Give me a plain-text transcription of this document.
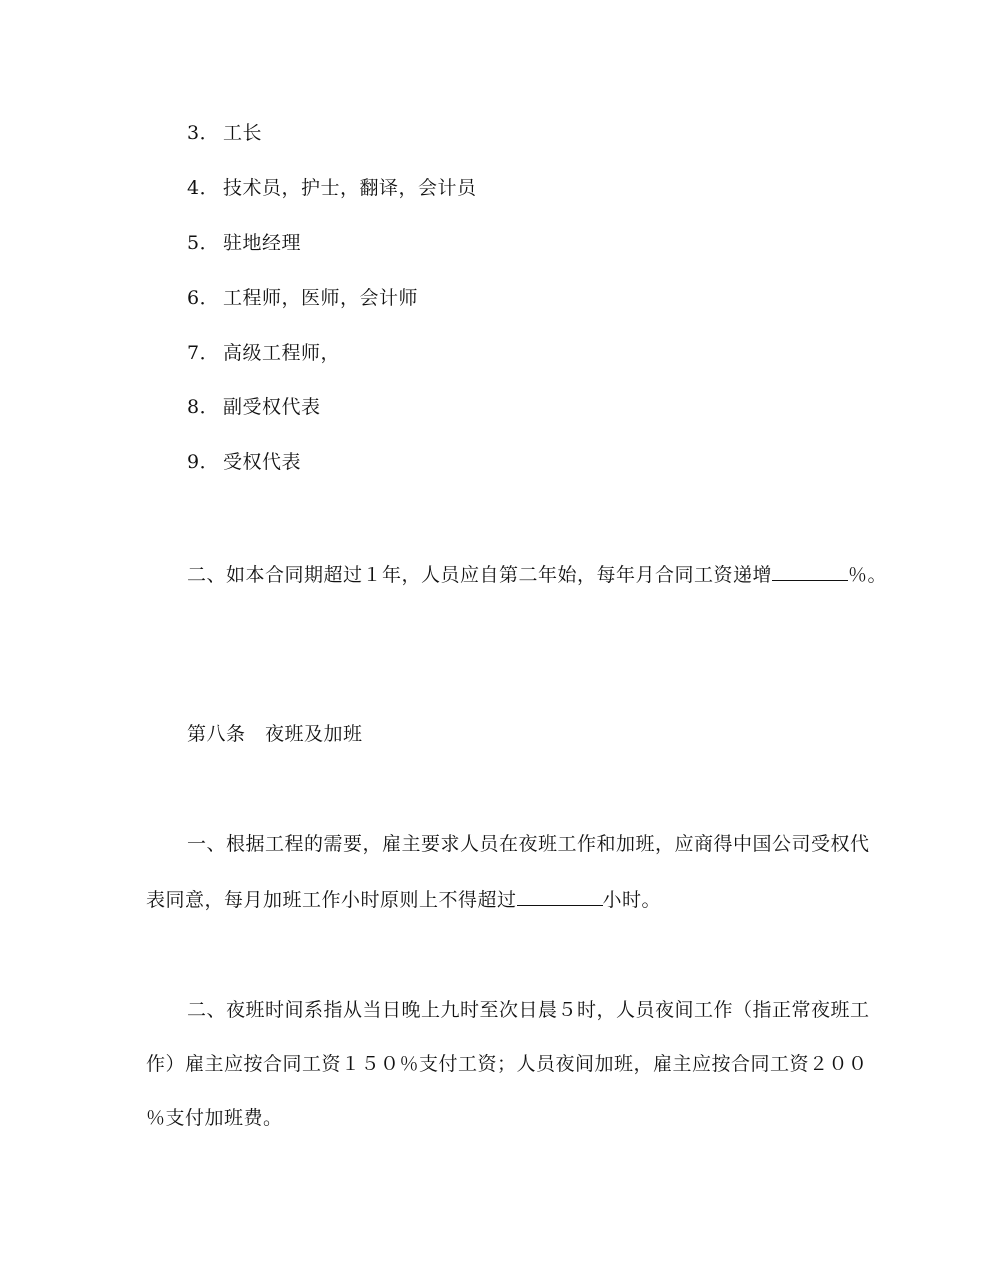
3． 工长
4． 技术员，护士，翻译，会计员
5． 驻地经理
6． 工程师，医师，会计师
7． 高级工程师，
8． 副受权代表
9． 受权代表
二、如本合同期超过１年，人员应自第二年始，每年月合同工资递增	％。
第八条　夜班及加班
一、根据工程的需要，雇主要求人员在夜班工作和加班，应商得中国公司受权代
表同意，每月加班工作小时原则上不得超过	小时。
二、夜班时间系指从当日晚上九时至次日晨５时，人员夜间工作（指正常夜班工
作）雇主应按合同工资１５０％支付工资；人员夜间加班，雇主应按合同工资２００
％支付加班费。
